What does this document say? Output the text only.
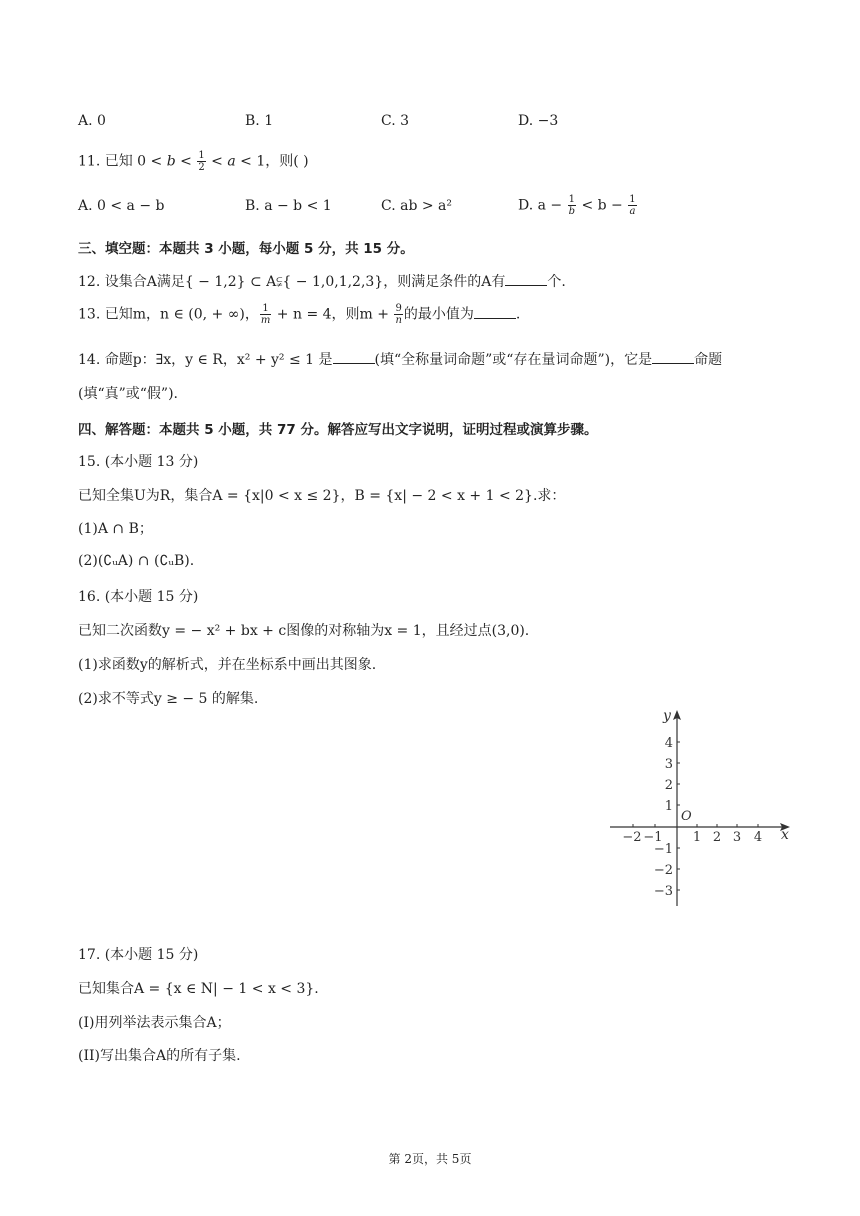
A. 0	B. 1	C. 3	D. −3
11. 已知 $0 < b < \frac{1}{2} < a < 1$，则( )
A. 0 < a − b	B. a − b < 1	C. ab > a²	D. $a - \frac{1}{b} < b - \frac{1}{a}$
三、填空题：本题共 3 小题，每小题 5 分，共 15 分。
12. 设集合A满足{ − 1,2} ⊂ A⫋{ − 1,0,1,2,3}，则满足条件的A有	个.
13. 已知m，n ∈ (0, + ∞)， $\frac{1}{m} + n = 4$，则$m + \frac{9}{n}$ 的最小值为	.
14. 命题p：∃x，y ∈ R，x² + y² ≤ 1 是	(填“全称量词命题”或“存在量词命题”)，它是	命题
(填“真”或“假”).
四、解答题：本题共 5 小题，共 77 分。解答应写出文字说明，证明过程或演算步骤。
15. (本小题 13 分)
已知全集U为R，集合A = {x|0 < x ≤ 2}，B = {x| − 2 < x + 1 < 2}.求：
(1)A ∩ B；
(2)(∁ᵤA) ∩ (∁ᵤB).
16. (本小题 15 分)
已知二次函数y = − x² + bx + c图像的对称轴为x = 1，且经过点(3,0).
(1)求函数y的解析式，并在坐标系中画出其图象.
(2)求不等式y ≥ − 5 的解集.
y
x
O
4
3
2
1
−1
−2
−3
−2 −1 1 2 3 4
17. (本小题 15 分)
已知集合A = {x ∈ N| − 1 < x < 3}.
(I)用列举法表示集合A；
(II)写出集合A的所有子集.
第 2页，共 5页
